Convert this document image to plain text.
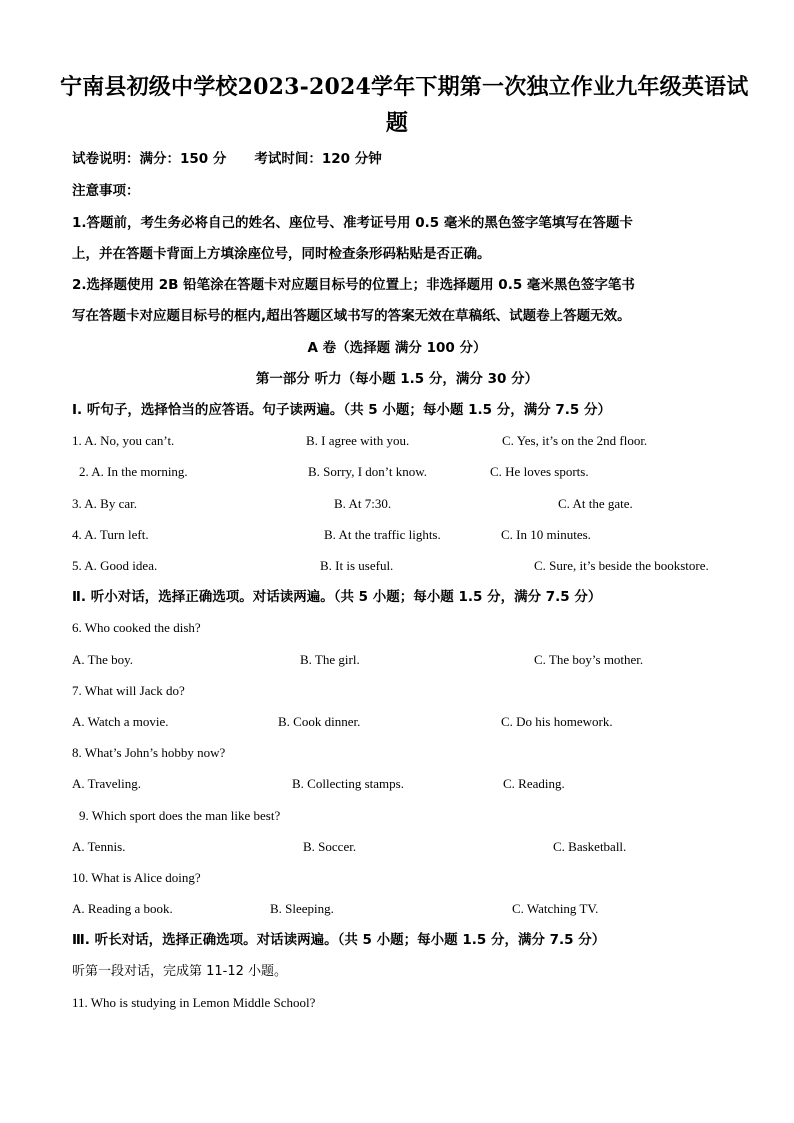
宁南县初级中学校2023-2024学年下期第一次独立作业九年级英语试
题
试卷说明：满分：150 分 考试时间：120 分钟
注意事项：
1.答题前，考生务必将自己的姓名、座位号、准考证号用 0.5 毫米的黑色签字笔填写在答题卡
上，并在答题卡背面上方填涂座位号，同时检查条形码粘贴是否正确。
2.选择题使用 2B 铅笔涂在答题卡对应题目标号的位置上；非选择题用 0.5 毫米黑色签字笔书
写在答题卡对应题目标号的框内,超出答题区域书写的答案无效在草稿纸、试题卷上答题无效。
A 卷（选择题 满分 100 分）
第一部分 听力（每小题 1.5 分，满分 30 分）
Ⅰ. 听句子，选择恰当的应答语。句子读两遍。（共 5 小题；每小题 1.5 分，满分 7.5 分）
1. A. No, you can’t.	B. I agree with you.	C. Yes, it’s on the 2nd floor.
2. A. In the morning.	B. Sorry, I don’t know.	C. He loves sports.
3. A. By car.	B. At 7:30.	C. At the gate.
4. A. Turn left.	B. At the traffic lights.	C. In 10 minutes.
5. A. Good idea.	B. It is useful.	C. Sure, it’s beside the bookstore.
Ⅱ. 听小对话，选择正确选项。对话读两遍。（共 5 小题；每小题 1.5 分，满分 7.5 分）
6. Who cooked the dish?
A. The boy.	B. The girl.	C. The boy’s mother.
7. What will Jack do?
A. Watch a movie.	B. Cook dinner.	C. Do his homework.
8. What’s John’s hobby now?
A. Traveling.	B. Collecting stamps.	C. Reading.
9. Which sport does the man like best?
A. Tennis.	B. Soccer.	C. Basketball.
10. What is Alice doing?
A. Reading a book.	B. Sleeping.	C. Watching TV.
Ⅲ. 听长对话，选择正确选项。对话读两遍。（共 5 小题；每小题 1.5 分，满分 7.5 分）
听第一段对话，完成第 11-12 小题。
11. Who is studying in Lemon Middle School?
